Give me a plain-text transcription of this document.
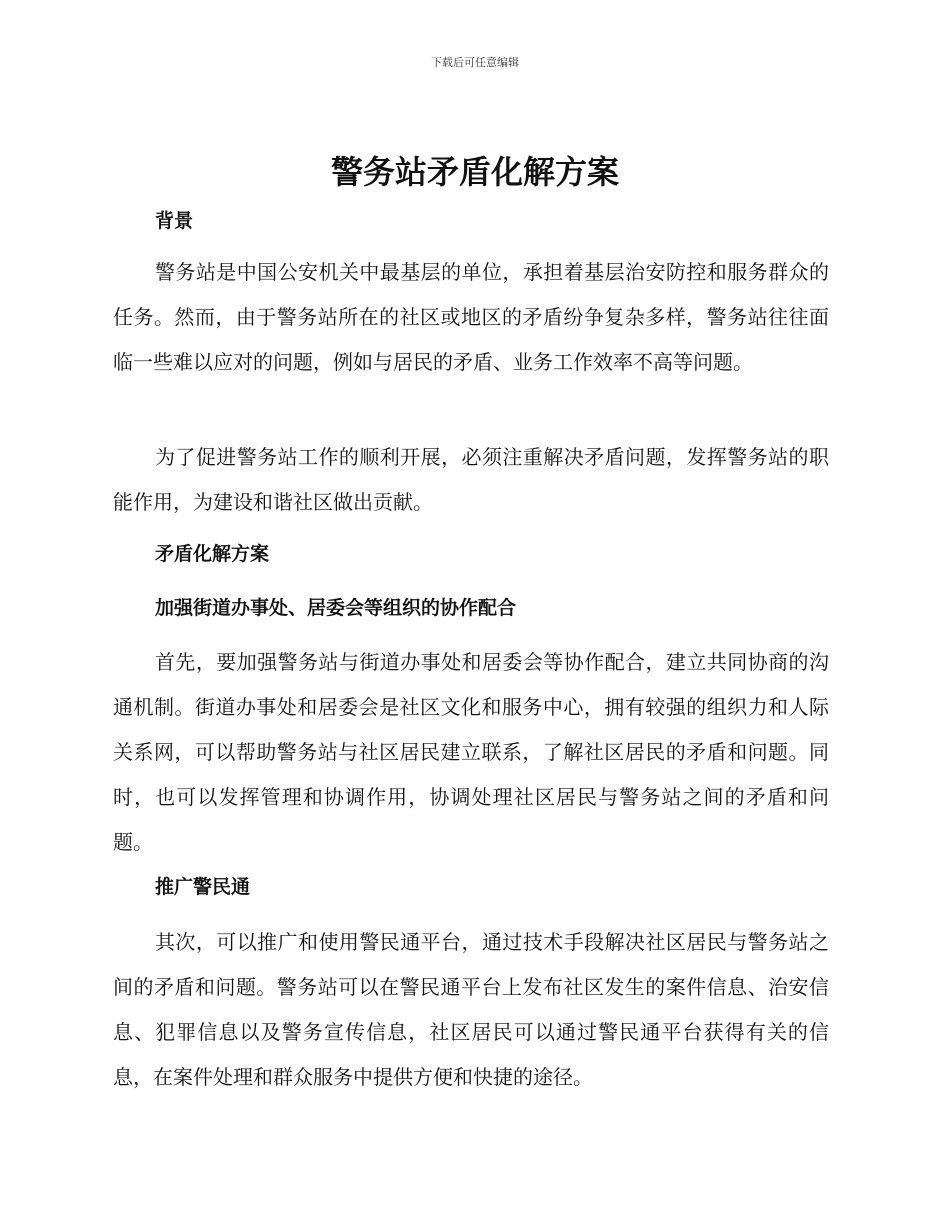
下载后可任意编辑
警务站矛盾化解方案
背景

警务站是中国公安机关中最基层的单位，承担着基层治安防控和服务群众的任务。然而，由于警务站所在的社区或地区的矛盾纷争复杂多样，警务站往往面临一些难以应对的问题，例如与居民的矛盾、业务工作效率不高等问题。

为了促进警务站工作的顺利开展，必须注重解决矛盾问题，发挥警务站的职能作用，为建设和谐社区做出贡献。

矛盾化解方案
加强街道办事处、居委会等组织的协作配合

首先，要加强警务站与街道办事处和居委会等协作配合，建立共同协商的沟通机制。街道办事处和居委会是社区文化和服务中心，拥有较强的组织力和人际关系网，可以帮助警务站与社区居民建立联系，了解社区居民的矛盾和问题。同时，也可以发挥管理和协调作用，协调处理社区居民与警务站之间的矛盾和问题。

推广警民通

其次，可以推广和使用警民通平台，通过技术手段解决社区居民与警务站之间的矛盾和问题。警务站可以在警民通平台上发布社区发生的案件信息、治安信息、犯罪信息以及警务宣传信息，社区居民可以通过警民通平台获得有关的信息，在案件处理和群众服务中提供方便和快捷的途径。
